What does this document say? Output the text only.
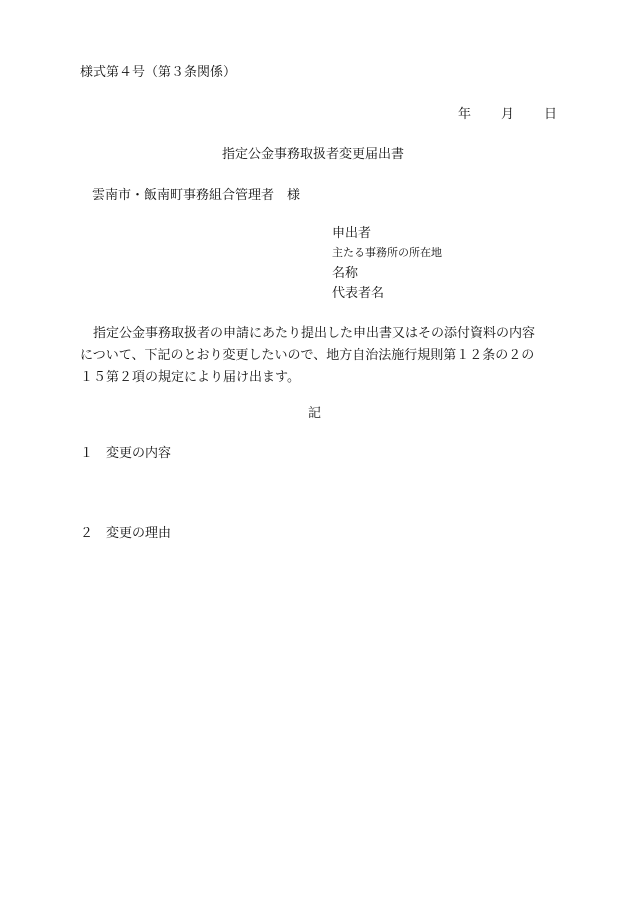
様式第４号（第３条関係）
年 月 日
指定公金事務取扱者変更届出書
雲南市・飯南町事務組合管理者　様
申出者
主たる事務所の所在地
名称
代表者名
　指定公金事務取扱者の申請にあたり提出した申出書又はその添付資料の内容
について、下記のとおり変更したいので、地方自治法施行規則第１２条の２の
１５第２項の規定により届け出ます。
記
１ 変更の内容
２ 変更の理由
